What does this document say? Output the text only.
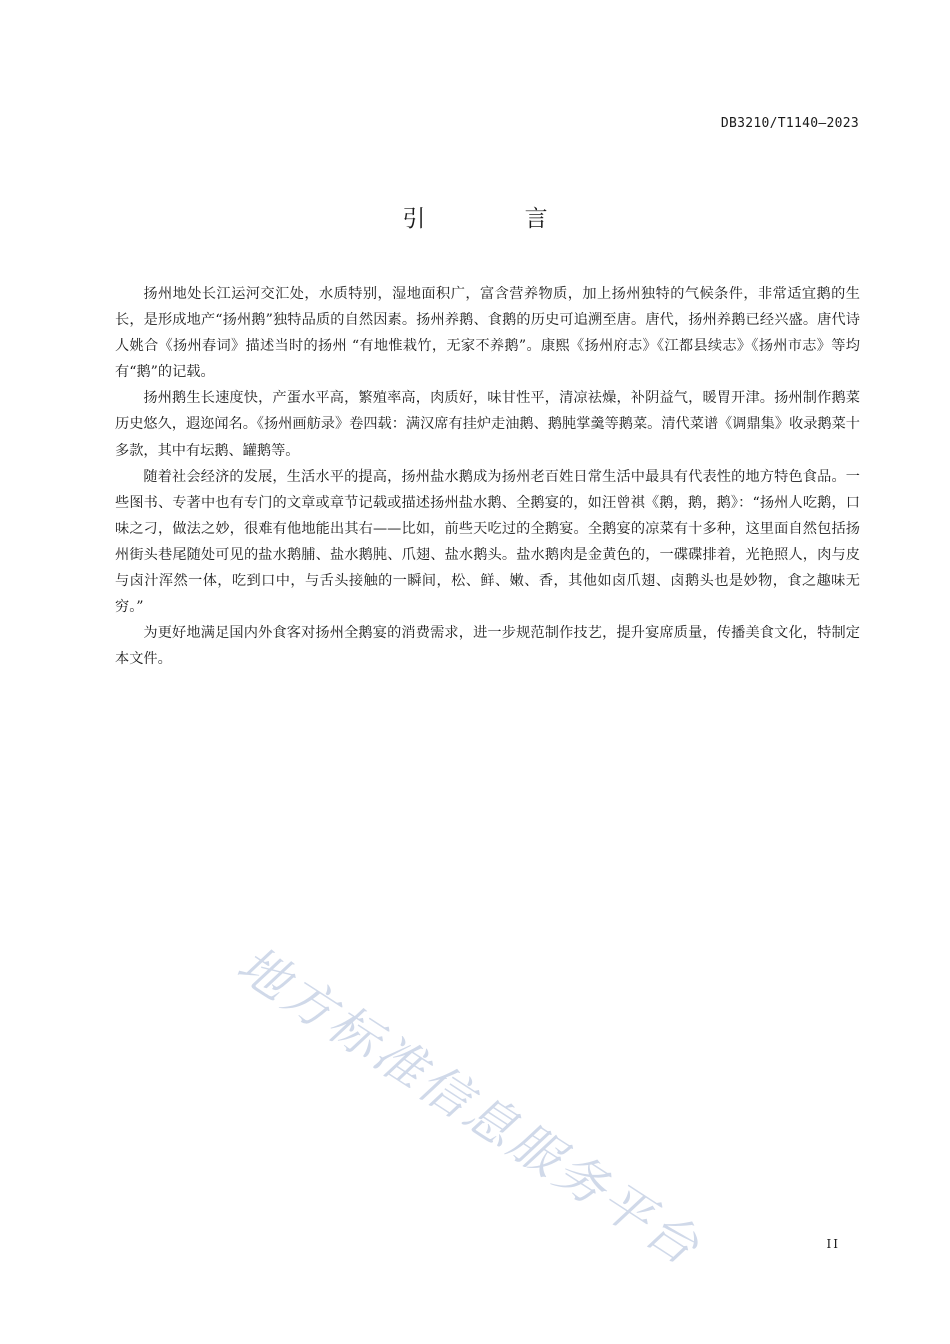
DB3210/T1140—2023
引 言

扬州地处长江运河交汇处，水质特别，湿地面积广，富含营养物质，加上扬州独特的气候条件，非常适宜鹅的生长，是形成地产“扬州鹅”独特品质的自然因素。扬州养鹅、食鹅的历史可追溯至唐。唐代，扬州养鹅已经兴盛。唐代诗人姚合《扬州春词》描述当时的扬州 “有地惟栽竹，无家不养鹅”。康熙《扬州府志》《江都县续志》《扬州市志》等均有“鹅”的记载。

扬州鹅生长速度快，产蛋水平高，繁殖率高，肉质好，味甘性平，清凉祛燥，补阴益气，暖胃开津。扬州制作鹅菜历史悠久，遐迩闻名。《扬州画舫录》卷四载：满汉席有挂炉走油鹅、鹅肫掌羹等鹅菜。清代菜谱《调鼎集》收录鹅菜十多款，其中有坛鹅、罐鹅等。

随着社会经济的发展，生活水平的提高，扬州盐水鹅成为扬州老百姓日常生活中最具有代表性的地方特色食品。一些图书、专著中也有专门的文章或章节记载或描述扬州盐水鹅、全鹅宴的，如汪曾祺《鹅，鹅，鹅》：“扬州人吃鹅，口味之刁，做法之妙，很难有他地能出其右——比如，前些天吃过的全鹅宴。全鹅宴的凉菜有十多种，这里面自然包括扬州街头巷尾随处可见的盐水鹅脯、盐水鹅肫、爪翅、盐水鹅头。盐水鹅肉是金黄色的，一碟碟排着，光艳照人，肉与皮与卤汁浑然一体，吃到口中，与舌头接触的一瞬间，松、鲜、嫩、香，其他如卤爪翅、卤鹅头也是妙物，食之趣味无穷。”

为更好地满足国内外食客对扬州全鹅宴的消费需求，进一步规范制作技艺，提升宴席质量，传播美食文化，特制定本文件。

地方标准信息服务平台	II
